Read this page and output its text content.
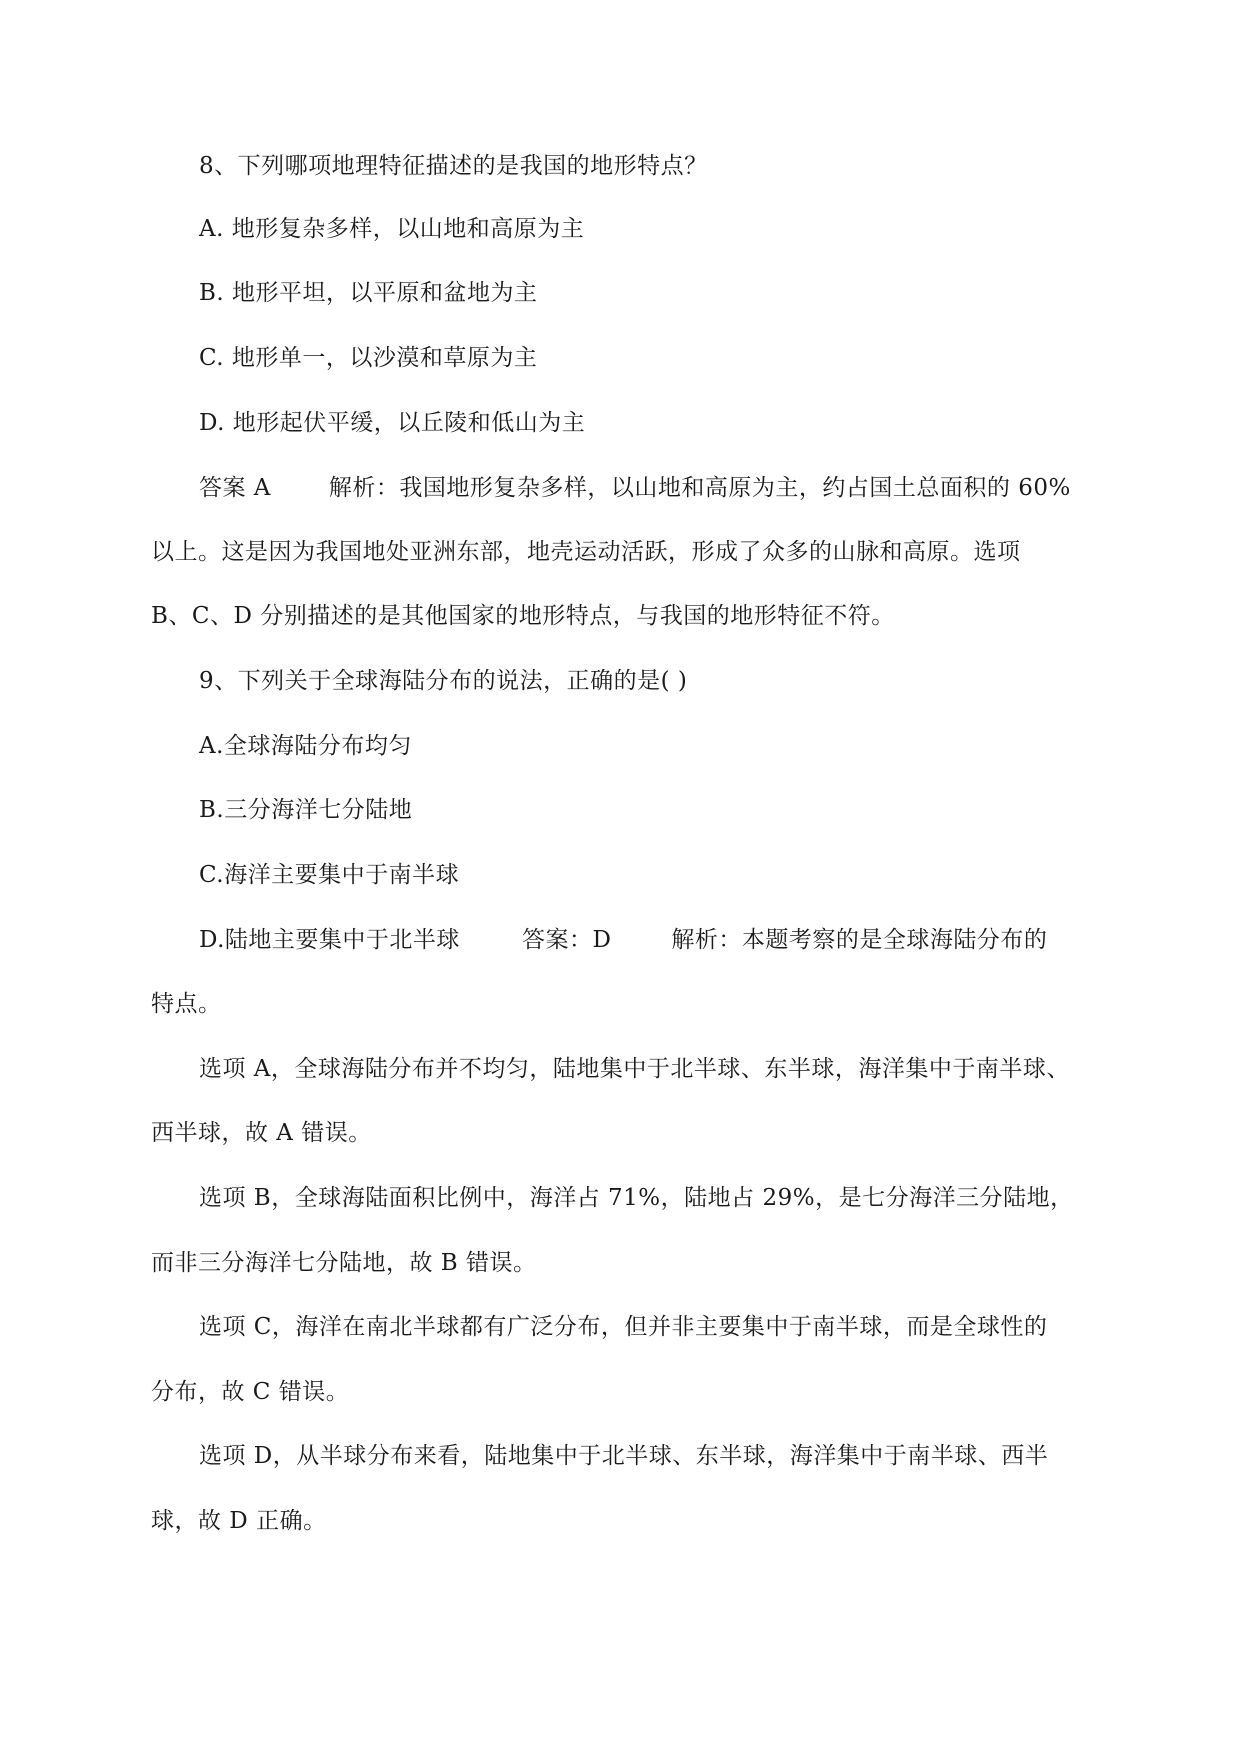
8、下列哪项地理特征描述的是我国的地形特点？
A. 地形复杂多样，以山地和高原为主
B. 地形平坦，以平原和盆地为主
C. 地形单一，以沙漠和草原为主
D. 地形起伏平缓，以丘陵和低山为主
答案 A	解析：我国地形复杂多样，以山地和高原为主，约占国土总面积的 60%
以上。这是因为我国地处亚洲东部，地壳运动活跃，形成了众多的山脉和高原。选项
B、C、D 分别描述的是其他国家的地形特点，与我国的地形特征不符。
9、下列关于全球海陆分布的说法，正确的是( )
A.全球海陆分布均匀
B.三分海洋七分陆地
C.海洋主要集中于南半球
D.陆地主要集中于北半球	答案：D	解析：本题考察的是全球海陆分布的
特点。
选项 A，全球海陆分布并不均匀，陆地集中于北半球、东半球，海洋集中于南半球、
西半球，故 A 错误。
选项 B，全球海陆面积比例中，海洋占 71%，陆地占 29%，是七分海洋三分陆地，
而非三分海洋七分陆地，故 B 错误。
选项 C，海洋在南北半球都有广泛分布，但并非主要集中于南半球，而是全球性的
分布，故 C 错误。
选项 D，从半球分布来看，陆地集中于北半球、东半球，海洋集中于南半球、西半
球，故 D 正确。
